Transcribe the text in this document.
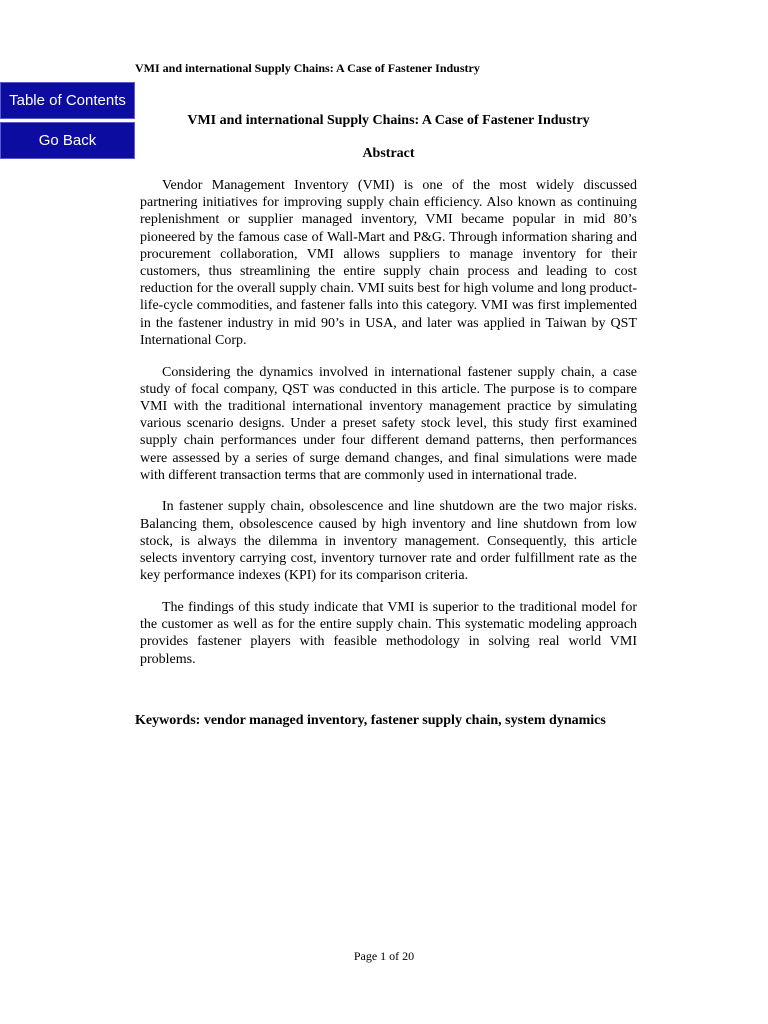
VMI and international Supply Chains: A Case of Fastener Industry
Table of Contents
Go Back
VMI and international Supply Chains: A Case of Fastener Industry
Abstract

Vendor Management Inventory (VMI) is one of the most widely discussed partnering initiatives for improving supply chain efficiency. Also known as continuing replenishment or supplier managed inventory, VMI became popular in mid 80’s pioneered by the famous case of Wall-Mart and P&G. Through information sharing and procurement collaboration, VMI allows suppliers to manage inventory for their customers, thus streamlining the entire supply chain process and leading to cost reduction for the overall supply chain. VMI suits best for high volume and long product-life-cycle commodities, and fastener falls into this category. VMI was first implemented in the fastener industry in mid 90’s in USA, and later was applied in Taiwan by QST International Corp.

Considering the dynamics involved in international fastener supply chain, a case study of focal company, QST was conducted in this article. The purpose is to compare VMI with the traditional international inventory management practice by simulating various scenario designs. Under a preset safety stock level, this study first examined supply chain performances under four different demand patterns, then performances were assessed by a series of surge demand changes, and final simulations were made with different transaction terms that are commonly used in international trade.

In fastener supply chain, obsolescence and line shutdown are the two major risks. Balancing them, obsolescence caused by high inventory and line shutdown from low stock, is always the dilemma in inventory management. Consequently, this article selects inventory carrying cost, inventory turnover rate and order fulfillment rate as the key performance indexes (KPI) for its comparison criteria.

The findings of this study indicate that VMI is superior to the traditional model for the customer as well as for the entire supply chain. This systematic modeling approach provides fastener players with feasible methodology in solving real world VMI problems.

Keywords: vendor managed inventory, fastener supply chain, system dynamics
Page 1 of 20
